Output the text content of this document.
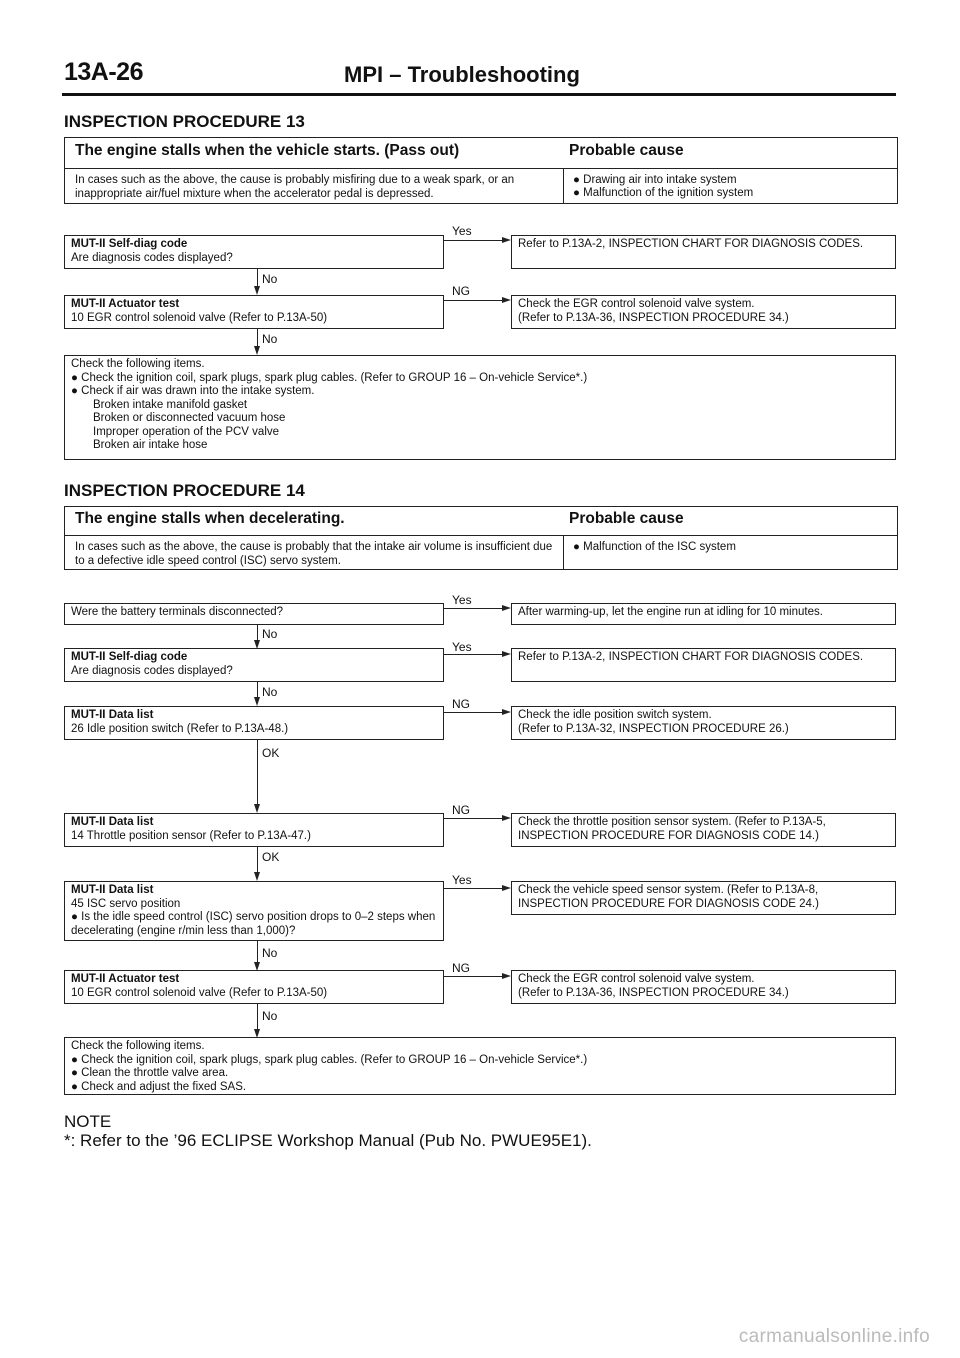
13A-26	MPI – Troubleshooting
INSPECTION PROCEDURE 13
The engine stalls when the vehicle starts. (Pass out)	Probable cause
In cases such as the above, the cause is probably misfiring due to a weak spark, or an inappropriate air/fuel mixture when the accelerator pedal is depressed.
● Drawing air into intake system
● Malfunction of the ignition system
MUT-II Self-diag code
Are diagnosis codes displayed?
Yes
Refer to P.13A-2, INSPECTION CHART FOR DIAGNOSIS CODES.
No
MUT-II Actuator test
10 EGR control solenoid valve (Refer to P.13A-50)
NG
Check the EGR control solenoid valve system.
(Refer to P.13A-36, INSPECTION PROCEDURE 34.)
No
Check the following items.
● Check the ignition coil, spark plugs, spark plug cables. (Refer to GROUP 16 – On-vehicle Service*.)
● Check if air was drawn into the intake system.
Broken intake manifold gasket
Broken or disconnected vacuum hose
Improper operation of the PCV valve
Broken air intake hose
INSPECTION PROCEDURE 14
The engine stalls when decelerating.	Probable cause
In cases such as the above, the cause is probably that the intake air volume is insufficient due to a defective idle speed control (ISC) servo system.
● Malfunction of the ISC system
Were the battery terminals disconnected?
Yes
After warming-up, let the engine run at idling for 10 minutes.
No
MUT-II Self-diag code
Are diagnosis codes displayed?
Yes
Refer to P.13A-2, INSPECTION CHART FOR DIAGNOSIS CODES.
No
MUT-II Data list
26 Idle position switch (Refer to P.13A-48.)
NG
Check the idle position switch system.
(Refer to P.13A-32, INSPECTION PROCEDURE 26.)
OK
MUT-II Data list
14 Throttle position sensor (Refer to P.13A-47.)
NG
Check the throttle position sensor system. (Refer to P.13A-5, INSPECTION PROCEDURE FOR DIAGNOSIS CODE 14.)
OK
MUT-II Data list
45 ISC servo position
● Is the idle speed control (ISC) servo position drops to 0–2 steps when decelerating (engine r/min less than 1,000)?
Yes
Check the vehicle speed sensor system. (Refer to P.13A-8, INSPECTION PROCEDURE FOR DIAGNOSIS CODE 24.)
No
MUT-II Actuator test
10 EGR control solenoid valve (Refer to P.13A-50)
NG
Check the EGR control solenoid valve system.
(Refer to P.13A-36, INSPECTION PROCEDURE 34.)
No
Check the following items.
● Check the ignition coil, spark plugs, spark plug cables. (Refer to GROUP 16 – On-vehicle Service*.)
● Clean the throttle valve area.
● Check and adjust the fixed SAS.
NOTE
*: Refer to the ’96 ECLIPSE Workshop Manual (Pub No. PWUE95E1).
carmanualsonline.info
